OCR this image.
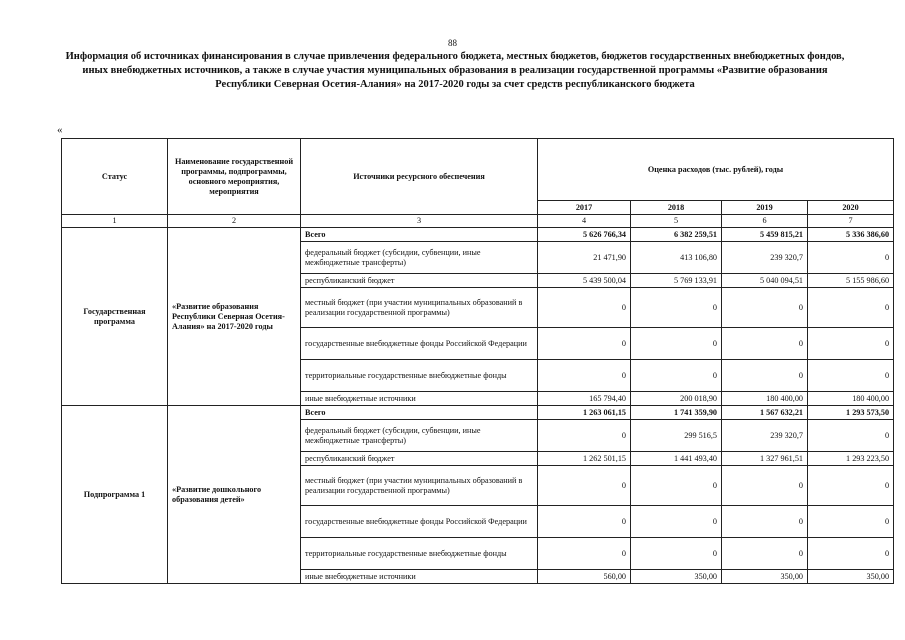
88
Информация об источниках финансирования в случае привлечения федерального бюджета, местных бюджетов, бюджетов государственных внебюджетных фондов, иных внебюджетных источников, а также в случае участия муниципальных образования в реализации государственной программы «Развитие образования Республики Северная Осетия-Алания» на 2017-2020 годы за счет средств республиканского бюджета
«
Статус	Наименование государственной программы, подпрограммы, основного мероприятия, мероприятия	Источники ресурсного обеспечения	Оценка расходов (тыс. рублей), годы			
			2017	2018	2019	2020
1	2	3	4	5	6	7
Государственная программа	«Развитие образования Республики Северная Осетия-Алания» на 2017-2020 годы	Всего	5 626 766,34	6 382 259,51	5 459 815,21	5 336 386,60
		федеральный бюджет (субсидии, субвенции, иные межбюджетные трансферты)	21 471,90	413 106,80	239 320,7	0
		республиканский бюджет	5 439 500,04	5 769 133,91	5 040 094,51	5 155 986,60
		местный бюджет (при участии муниципальных образований в реализации государственной программы)	0	0	0	0
		государственные внебюджетные фонды Российской Федерации	0	0	0	0
		территориальные государственные внебюджетные фонды	0	0	0	0
		иные внебюджетные источники	165 794,40	200 018,90	180 400,00	180 400,00
Подпрограмма 1	«Развитие дошкольного образования детей»	Всего	1 263 061,15	1 741 359,90	1 567 632,21	1 293 573,50
		федеральный бюджет (субсидии, субвенции, иные межбюджетные трансферты)	0	299 516,5	239 320,7	0
		республиканский бюджет	1 262 501,15	1 441 493,40	1 327 961,51	1 293 223,50
		местный бюджет (при участии муниципальных образований в реализации государственной программы)	0	0	0	0
		государственные внебюджетные фонды Российской Федерации	0	0	0	0
		территориальные государственные внебюджетные фонды	0	0	0	0
		иные внебюджетные источники	560,00	350,00	350,00	350,00
